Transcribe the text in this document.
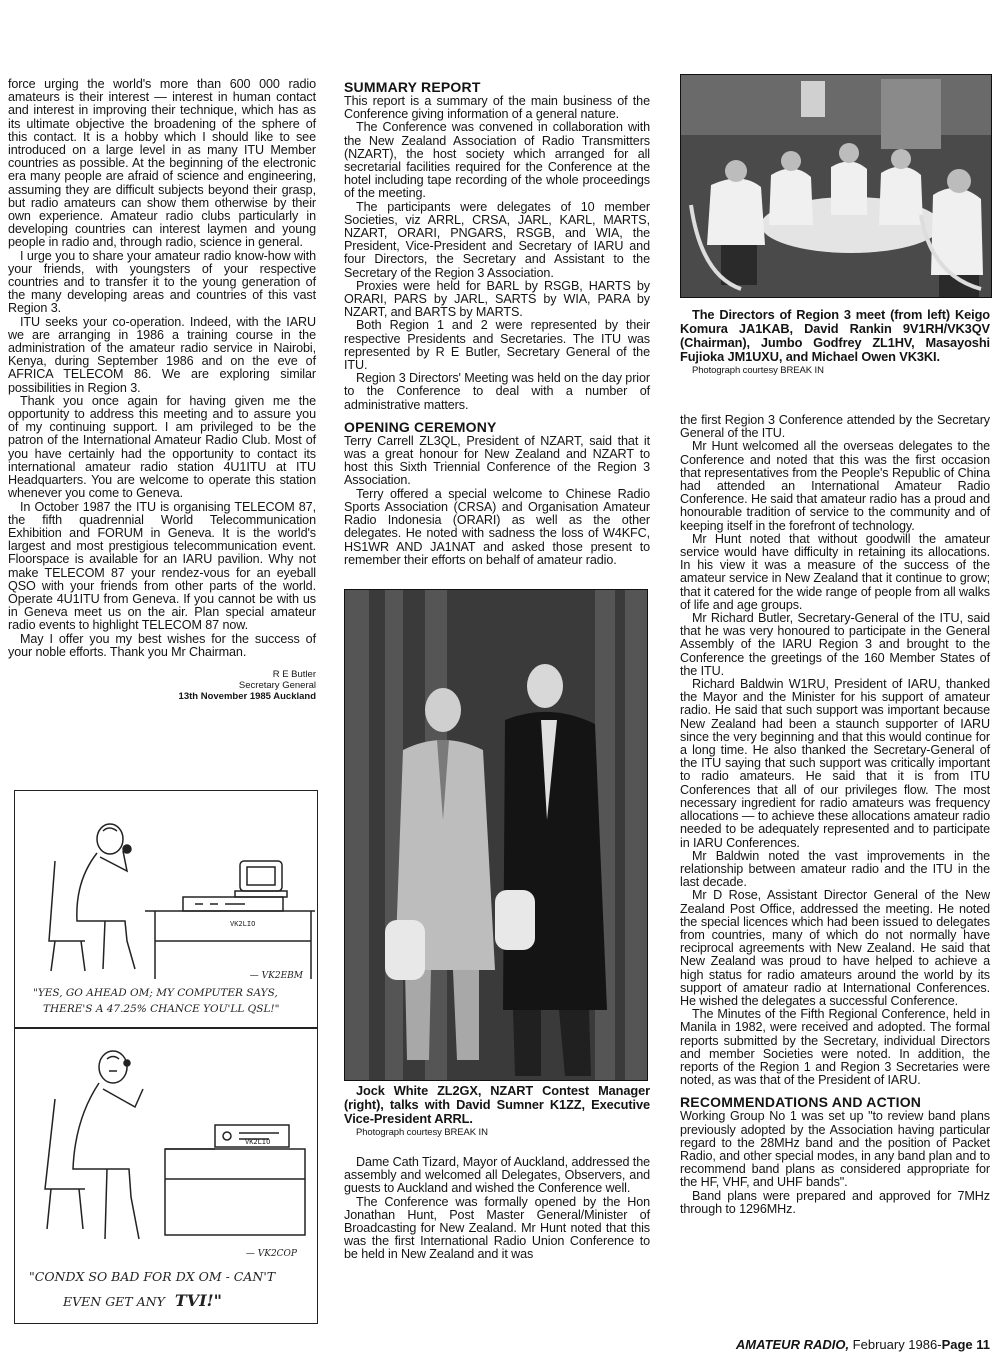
force urging the world's more than 600 000 radio amateurs is their interest — interest in human contact and interest in improving their technique, which has as its ultimate objective the broadening of the sphere of this contact. It is a hobby which I should like to see introduced on a large level in as many ITU Member countries as possible. At the beginning of the electronic era many people are afraid of science and engineering, assuming they are difficult subjects beyond their grasp, but radio amateurs can show them otherwise by their own experience. Amateur radio clubs particularly in developing countries can interest laymen and young people in radio and, through radio, science in general.

I urge you to share your amateur radio know-how with your friends, with youngsters of your respective countries and to transfer it to the young generation of the many developing areas and countries of this vast Region 3.

ITU seeks your co-operation. Indeed, with the IARU we are arranging in 1986 a training course in the administration of the amateur radio service in Nairobi, Kenya, during September 1986 and on the eve of AFRICA TELECOM 86. We are exploring similar possibilities in Region 3.

Thank you once again for having given me the opportunity to address this meeting and to assure you of my continuing support. I am privileged to be the patron of the International Amateur Radio Club. Most of you have certainly had the opportunity to contact its international amateur radio station 4U1ITU at ITU Headquarters. You are welcome to operate this station whenever you come to Geneva.

In October 1987 the ITU is organising TELECOM 87, the fifth quadrennial World Telecommunication Exhibition and FORUM in Geneva. It is the world's largest and most prestigious telecommunication event. Floorspace is available for an IARU pavilion. Why not make TELECOM 87 your rendez-vous for an eyeball QSO with your friends from other parts of the world. Operate 4U1ITU from Geneva. If you cannot be with us in Geneva meet us on the air. Plan special amateur radio events to highlight TELECOM 87 now.

May I offer you my best wishes for the success of your noble efforts. Thank you Mr Chairman.

R E Butler
Secretary General
13th November 1985 Auckland
VK2LIO
— VK2EBM
"YES, GO AHEAD OM; MY COMPUTER SAYS,
THERE'S A 47.25% CHANCE YOU'LL QSL!"
VK2LIO
— VK2COP
"CONDX SO BAD FOR DX OM - CAN'T
EVEN GET ANY TVI!"
SUMMARY REPORT

This report is a summary of the main business of the Conference giving information of a general nature.

The Conference was convened in collaboration with the New Zealand Association of Radio Transmitters (NZART), the host society which arranged for all secretarial facilities required for the Conference at the hotel including tape recording of the whole proceedings of the meeting.

The participants were delegates of 10 member Societies, viz ARRL, CRSA, JARL, KARL, MARTS, NZART, ORARI, PNGARS, RSGB, and WIA, the President, Vice-President and Secretary of IARU and four Directors, the Secretary and Assistant to the Secretary of the Region 3 Association.

Proxies were held for BARL by RSGB, HARTS by ORARI, PARS by JARL, SARTS by WIA, PARA by NZART, and BARTS by MARTS.

Both Region 1 and 2 were represented by their respective Presidents and Secretaries. The ITU was represented by R E Butler, Secretary General of the ITU.

Region 3 Directors' Meeting was held on the day prior to the Conference to deal with a number of administrative matters.

OPENING CEREMONY

Terry Carrell ZL3QL, President of NZART, said that it was a great honour for New Zealand and NZART to host this Sixth Triennial Conference of the Region 3 Association.

Terry offered a special welcome to Chinese Radio Sports Association (CRSA) and Organisation Amateur Radio Indonesia (ORARI) as well as the other delegates. He noted with sadness the loss of W4KFC, HS1WR AND JA1NAT and asked those present to remember their efforts on behalf of amateur radio.

Jock White ZL2GX, NZART Contest Manager (right), talks with David Sumner K1ZZ, Executive Vice-President ARRL.

Photograph courtesy BREAK IN

Dame Cath Tizard, Mayor of Auckland, addressed the assembly and welcomed all Delegates, Observers, and guests to Auckland and wished the Conference well.

The Conference was formally opened by the Hon Jonathan Hunt, Post Master General/Minister of Broadcasting for New Zealand. Mr Hunt noted that this was the first International Radio Union Conference to be held in New Zealand and it was

The Directors of Region 3 meet (from left) Keigo Komura JA1KAB, David Rankin 9V1RH/VK3QV (Chairman), Jumbo Godfrey ZL1HV, Masayoshi Fujioka JM1UXU, and Michael Owen VK3KI.

Photograph courtesy BREAK IN

the first Region 3 Conference attended by the Secretary General of the ITU.

Mr Hunt welcomed all the overseas delegates to the Conference and noted that this was the first occasion that representatives from the People's Republic of China had attended an International Amateur Radio Conference. He said that amateur radio has a proud and honourable tradition of service to the community and of keeping itself in the forefront of technology.

Mr Hunt noted that without goodwill the amateur service would have difficulty in retaining its allocations. In his view it was a measure of the success of the amateur service in New Zealand that it continue to grow; that it catered for the wide range of people from all walks of life and age groups.

Mr Richard Butler, Secretary-General of the ITU, said that he was very honoured to participate in the General Assembly of the IARU Region 3 and brought to the Conference the greetings of the 160 Member States of the ITU.

Richard Baldwin W1RU, President of IARU, thanked the Mayor and the Minister for his support of amateur radio. He said that such support was important because New Zealand had been a staunch supporter of IARU since the very beginning and that this would continue for a long time. He also thanked the Secretary-General of the ITU saying that such support was critically important to radio amateurs. He said that it is from ITU Conferences that all of our privileges flow. The most necessary ingredient for radio amateurs was frequency allocations — to achieve these allocations amateur radio needed to be adequately represented and to participate in IARU Conferences.

Mr Baldwin noted the vast improvements in the relationship between amateur radio and the ITU in the last decade.

Mr D Rose, Assistant Director General of the New Zealand Post Office, addressed the meeting. He noted the special licences which had been issued to delegates from countries, many of which do not normally have reciprocal agreements with New Zealand. He said that New Zealand was proud to have helped to achieve a high status for radio amateurs around the world by its support of amateur radio at International Conferences. He wished the delegates a successful Conference.

The Minutes of the Fifth Regional Conference, held in Manila in 1982, were received and adopted. The formal reports submitted by the Secretary, individual Directors and member Societies were noted. In addition, the reports of the Region 1 and Region 3 Secretaries were noted, as was that of the President of IARU.

RECOMMENDATIONS AND ACTION

Working Group No 1 was set up "to review band plans previously adopted by the Association having particular regard to the 28MHz band and the position of Packet Radio, and other special modes, in any band plan and to recommend band plans as considered appropriate for the HF, VHF, and UHF bands".

Band plans were prepared and approved for 7MHz through to 1296MHz.

AMATEUR RADIO, February 1986-Page 11
